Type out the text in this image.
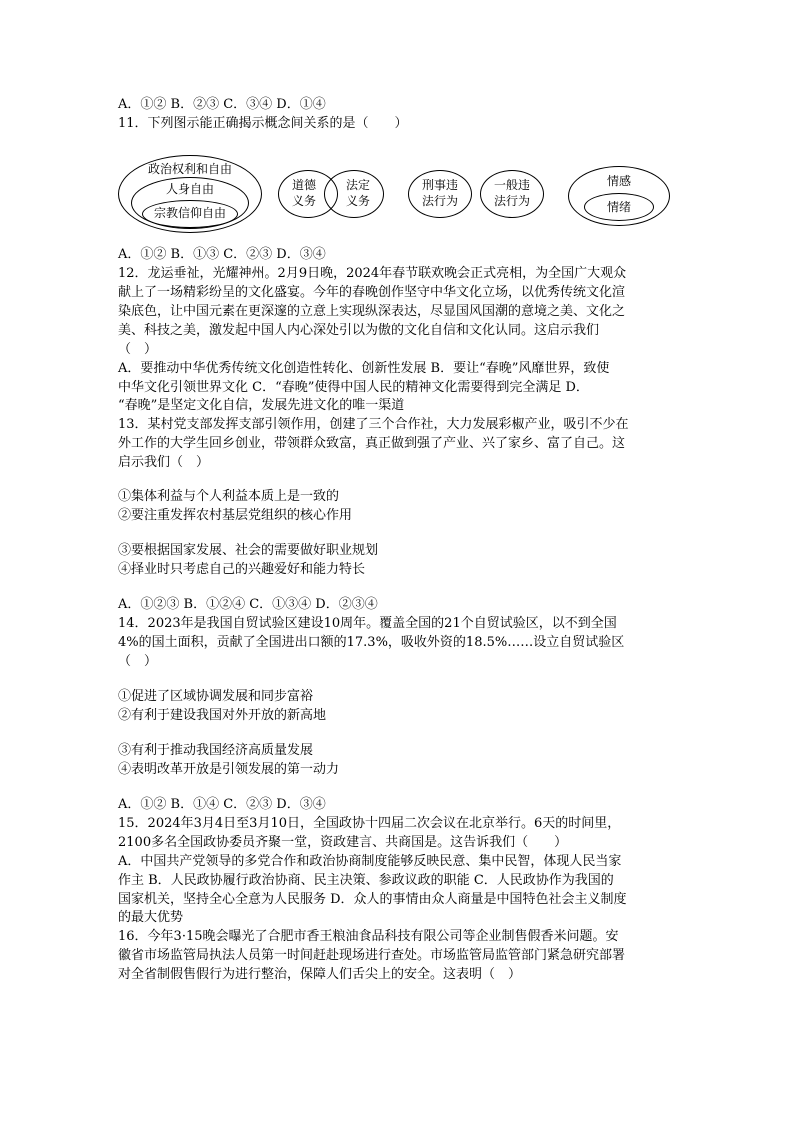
A．①② B．②③ C．③④ D．①④
11．下列图示能正确揭示概念间关系的是（　　）
政治权利和自由
人身自由
宗教信仰自由
道德
义务
法定
义务
刑事违
法行为
一般违
法行为
情感
情绪
A．①② B．①③ C．②③ D．③④
12．龙运垂祉，光耀神州。2月9日晚，2024年春节联欢晚会正式亮相，为全国广大观众
献上了一场精彩纷呈的文化盛宴。今年的春晚创作坚守中华文化立场，以优秀传统文化渲
染底色，让中国元素在更深邃的立意上实现纵深表达，尽显国风国潮的意境之美、文化之
美、科技之美，激发起中国人内心深处引以为傲的文化自信和文化认同。这启示我们
（　）
A．要推动中华优秀传统文化创造性转化、创新性发展 B．要让“春晚”风靡世界，致使
中华文化引领世界文化 C．“春晚”使得中国人民的精神文化需要得到完全满足 D．
“春晚”是坚定文化自信，发展先进文化的唯一渠道
13．某村党支部发挥支部引领作用，创建了三个合作社，大力发展彩椒产业，吸引不少在
外工作的大学生回乡创业，带领群众致富，真正做到强了产业、兴了家乡、富了自己。这
启示我们（　）
①集体利益与个人利益本质上是一致的
②要注重发挥农村基层党组织的核心作用
③要根据国家发展、社会的需要做好职业规划
④择业时只考虑自己的兴趣爱好和能力特长
A．①②③ B．①②④ C．①③④ D．②③④
14．2023年是我国自贸试验区建设10周年。覆盖全国的21个自贸试验区，以不到全国
4%的国土面积，贡献了全国进出口额的17.3%，吸收外资的18.5%……设立自贸试验区
（　）
①促进了区域协调发展和同步富裕
②有利于建设我国对外开放的新高地
③有利于推动我国经济高质量发展
④表明改革开放是引领发展的第一动力
A．①② B．①④ C．②③ D．③④
15．2024年3月4日至3月10日，全国政协十四届二次会议在北京举行。6天的时间里，
2100多名全国政协委员齐聚一堂，资政建言、共商国是。这告诉我们（　　）
A．中国共产党领导的多党合作和政治协商制度能够反映民意、集中民智，体现人民当家
作主 B．人民政协履行政治协商、民主决策、参政议政的职能 C．人民政协作为我国的
国家机关，坚持全心全意为人民服务 D．众人的事情由众人商量是中国特色社会主义制度
的最大优势
16．今年3·15晚会曝光了合肥市香王粮油食品科技有限公司等企业制售假香米问题。安
徽省市场监管局执法人员第一时间赶赴现场进行查处。市场监管局监管部门紧急研究部署
对全省制假售假行为进行整治，保障人们舌尖上的安全。这表明（　）
